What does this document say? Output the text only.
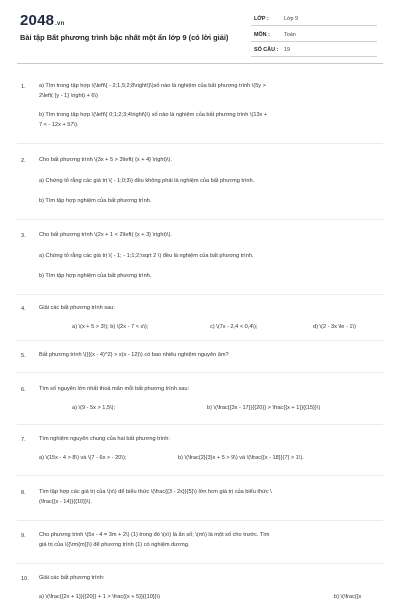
2048.vn
Bài tập Bất phương trình bậc nhất một ẩn lớp 9 (có lời giải)
LỚP :	Lớp 9
MÔN :	Toán
SỐ CÂU : 19
1. a) Tìm trong tập hợp \(\left\{ - 2;1,5;2;8\right\}\)số nào là nghiệm của bất phương trình \(5y >
2\left( {y - 1} \right) + 6\)
b) Tìm trong tập hợp \(\left\{ 0;1;2;3;4\right\}\) số nào là nghiệm của bất phương trình \(13x +
7 < - 12x + 57\).
2. Cho bất phương trình \(3x + 5 > 3\left( {x + 4} \right)\).
a) Chứng tỏ rằng các giá trị \( - 1;0;3\) đều không phải là nghiệm của bất phương trình.
b) Tìm tập hợp nghiệm của bất phương trình.
3. Cho bất phương trình \(2x + 1 < 2\left( {x + 3} \right)\).
a) Chứng tỏ rằng các giá trị \( - 1; - 1;1;2;\sqrt 2 \) đều là nghiệm của bất phương trình.
b) Tìm tập hợp nghiệm của bất phương trình.
4. Giải các bất phương trình sau:
a) \(x + 5 > 3\); b) \(2x - 7 < x\);	c) \(7x - 2,4 < 0,4\);	d) \(2 - 3x \le - 1\)
5. Bất phương trình \({{(x - 4)^2} > x(x - 12)\) có bao nhiêu nghiệm nguyên âm?
6. Tìm số nguyên lớn nhất thoả mãn mỗi bất phương trình sau:
a) \(9 - 5x > 1,5\);	b) \(\frac{{3x - 17}}{{20}} > \frac{{x + 1}}{{15}}\)
7. Tìm nghiệm nguyên chung của hai bất phương trình:
a) \(15x - 4 > 8\) và \(7 - 6x > - 20\);	b) \(\frac{2}{3}x + 5 > 9\) và \(\frac{{x - 18}}{7} > 1\).
8. Tìm tập hợp các giá trị của \(x\) để biểu thức \(\frac{{3 - 2x}}{5}\) lớn hơn giá trị của biểu thức \
(\frac{{x - 14}}{{10}}\).
9. Cho phương trình \(5x - 4 = 3m + 2\) (1) trong đó \(x\) là ẩn số; \(m\) là một số cho trước. Tìm
giá trị của \({\rm{m}}\) để phương trình (1) có nghiệm dương.
10. Giải các bất phương trình:
a) \(\frac{{2x + 1}}{{20}} + 1 > \frac{{x + 5}}{{10}}\)	b) \(\frac{{x
